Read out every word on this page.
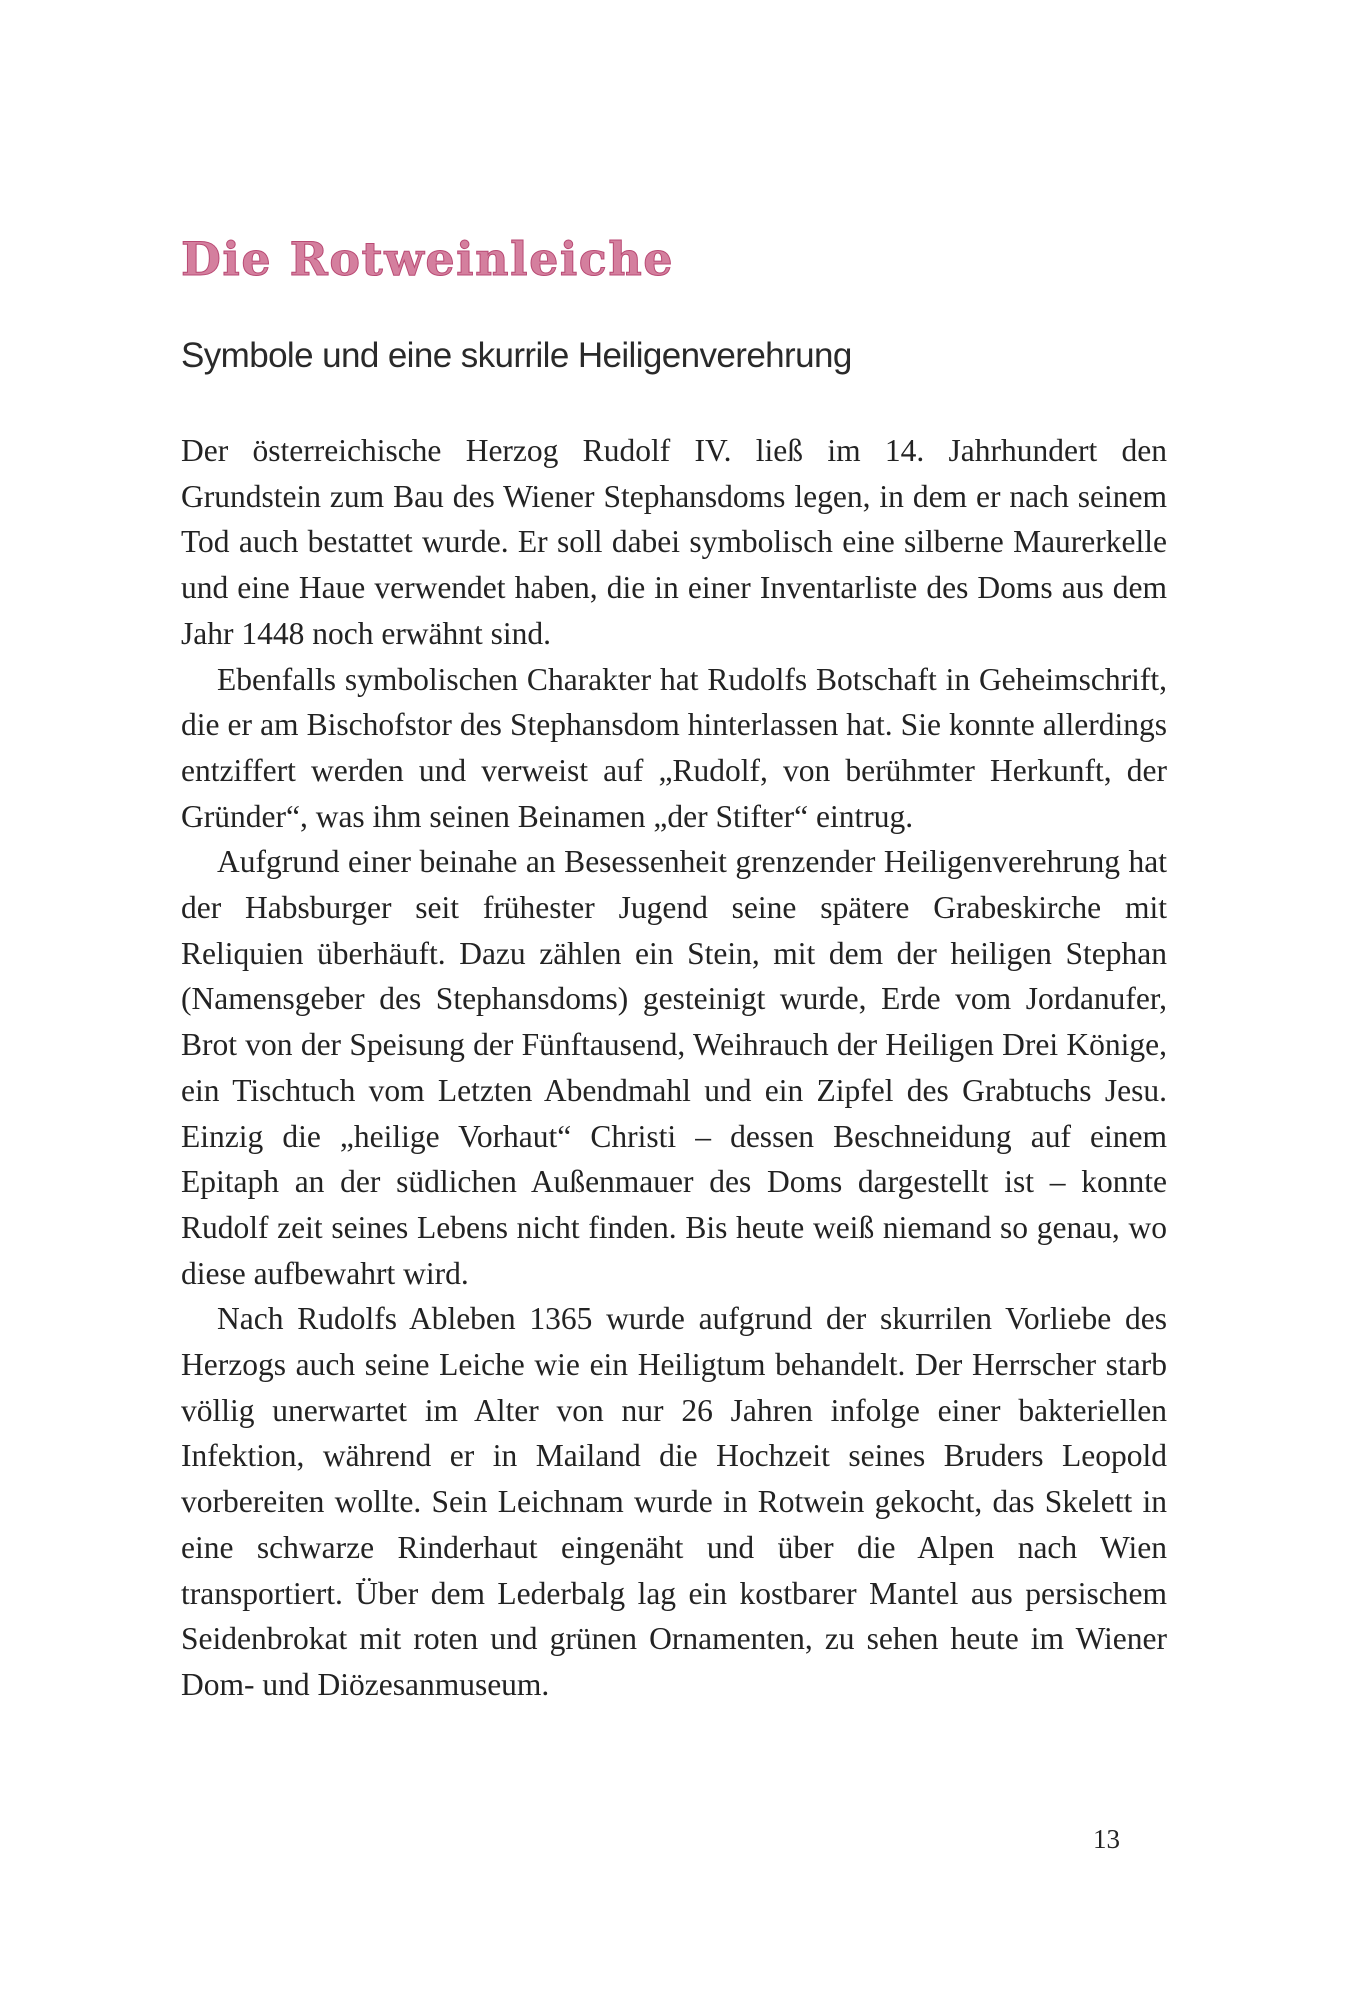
Die Rotweinleiche
Symbole und eine skurrile Heiligenverehrung

Der österreichische Herzog Rudolf IV. ließ im 14. Jahrhundert den Grundstein zum Bau des Wiener Stephansdoms legen, in dem er nach seinem Tod auch bestattet wurde. Er soll dabei symbolisch eine silberne Maurerkelle und eine Haue verwendet haben, die in einer Inventarliste des Doms aus dem Jahr 1448 noch erwähnt sind.

Ebenfalls symbolischen Charakter hat Rudolfs Botschaft in Geheimschrift, die er am Bischofstor des Stephansdom hinterlassen hat. Sie konnte allerdings entziffert werden und verweist auf „Rudolf, von berühmter Herkunft, der Gründer“, was ihm seinen Beinamen „der Stifter“ eintrug.

Aufgrund einer beinahe an Besessenheit grenzender Heiligenverehrung hat der Habsburger seit frühester Jugend seine spätere Grabeskirche mit Reliquien überhäuft. Dazu zählen ein Stein, mit dem der heiligen Stephan (Namensgeber des Stephansdoms) gesteinigt wurde, Erde vom Jordanufer, Brot von der Speisung der Fünftausend, Weihrauch der Heiligen Drei Könige, ein Tischtuch vom Letzten Abendmahl und ein Zipfel des Grabtuchs Jesu. Einzig die „heilige Vorhaut“ Christi – dessen Beschneidung auf einem Epitaph an der südlichen Außenmauer des Doms dargestellt ist – konnte Rudolf zeit seines Lebens nicht finden. Bis heute weiß niemand so genau, wo diese aufbewahrt wird.

Nach Rudolfs Ableben 1365 wurde aufgrund der skurrilen Vorliebe des Herzogs auch seine Leiche wie ein Heiligtum behandelt. Der Herrscher starb völlig unerwartet im Alter von nur 26 Jahren infolge einer bakteriellen Infektion, während er in Mailand die Hochzeit seines Bruders Leopold vorbereiten wollte. Sein Leichnam wurde in Rotwein gekocht, das Skelett in eine schwarze Rinderhaut eingenäht und über die Alpen nach Wien transportiert. Über dem Lederbalg lag ein kostbarer Mantel aus persischem Seidenbrokat mit roten und grünen Ornamenten, zu sehen heute im Wiener Dom- und Diözesanmuseum.

13
